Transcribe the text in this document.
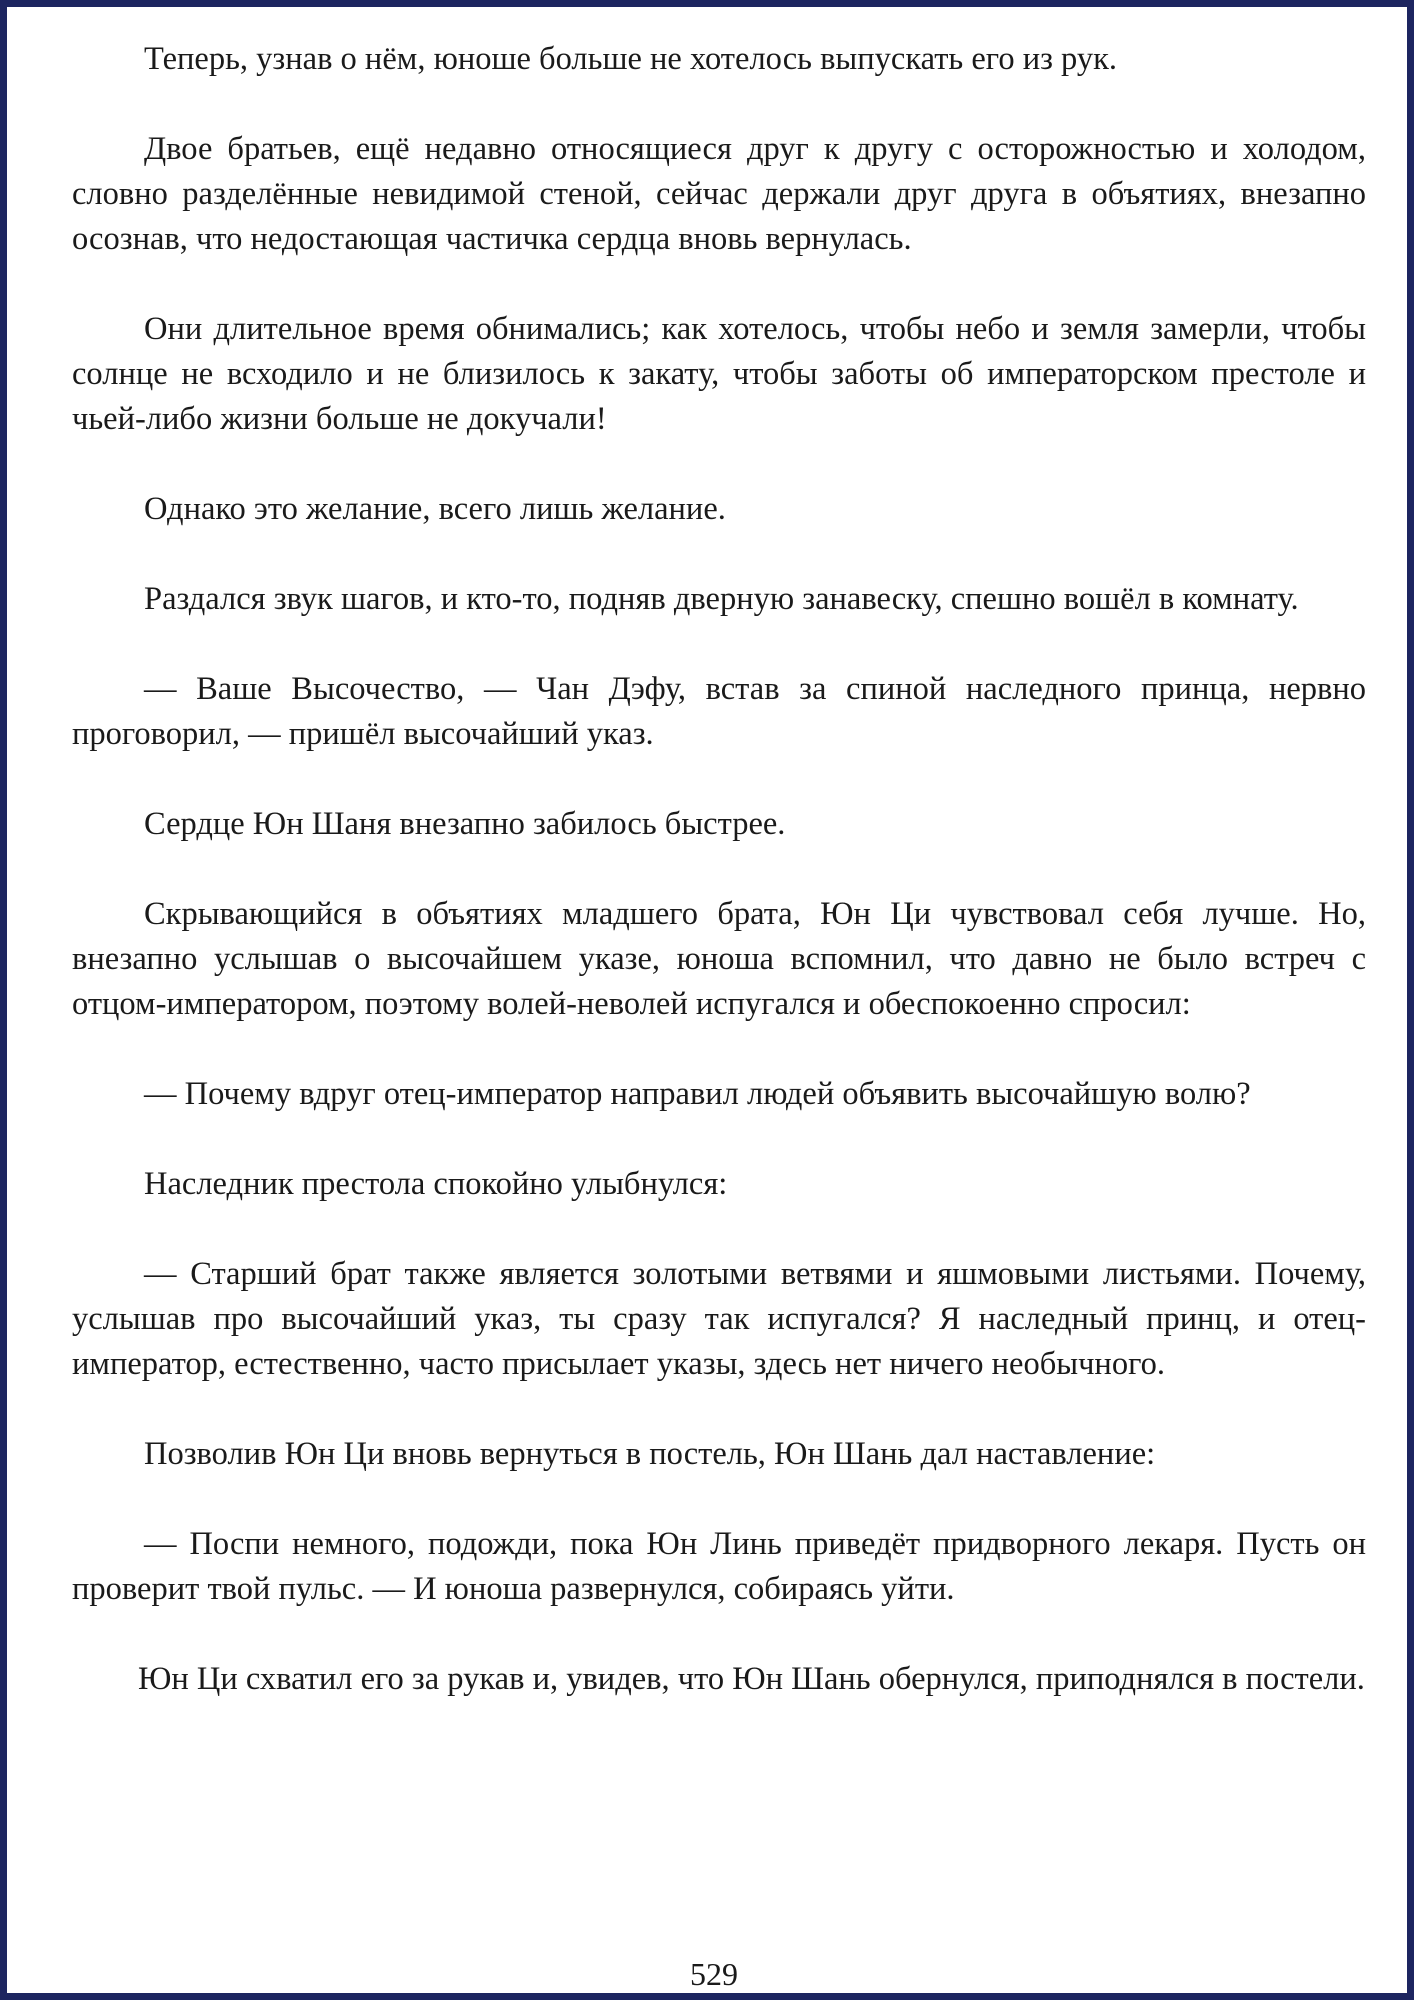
Теперь, узнав о нём, юноше больше не хотелось выпускать его из рук.

Двое братьев, ещё недавно относящиеся друг к другу с осторожностью и холодом, словно разделённые невидимой стеной, сейчас держали друг друга в объятиях, внезапно осознав, что недостающая частичка сердца вновь вернулась.

Они длительное время обнимались; как хотелось, чтобы небо и земля замерли, чтобы солнце не всходило и не близилось к закату, чтобы заботы об императорском престоле и чьей-либо жизни больше не докучали!

Однако это желание, всего лишь желание.

Раздался звук шагов, и кто-то, подняв дверную занавеску, спешно вошёл в комнату.

— Ваше Высочество, — Чан Дэфу, встав за спиной наследного принца, нервно проговорил, — пришёл высочайший указ.

Сердце Юн Шаня внезапно забилось быстрее.

Скрывающийся в объятиях младшего брата, Юн Ци чувствовал себя лучше. Но, внезапно услышав о высочайшем указе, юноша вспомнил, что давно не было встреч с отцом-императором, поэтому волей-неволей испугался и обеспокоенно спросил:

— Почему вдруг отец-император направил людей объявить высочайшую волю?

Наследник престола спокойно улыбнулся:

— Старший брат также является золотыми ветвями и яшмовыми листьями. Почему, услышав про высочайший указ, ты сразу так испугался? Я наследный принц, и отец-император, естественно, часто присылает указы, здесь нет ничего необычного.

Позволив Юн Ци вновь вернуться в постель, Юн Шань дал наставление:

— Поспи немного, подожди, пока Юн Линь приведёт придворного лекаря. Пусть он проверит твой пульс. — И юноша развернулся, собираясь уйти.

Юн Ци схватил его за рукав и, увидев, что Юн Шань обернулся, приподнялся в постели.

529
